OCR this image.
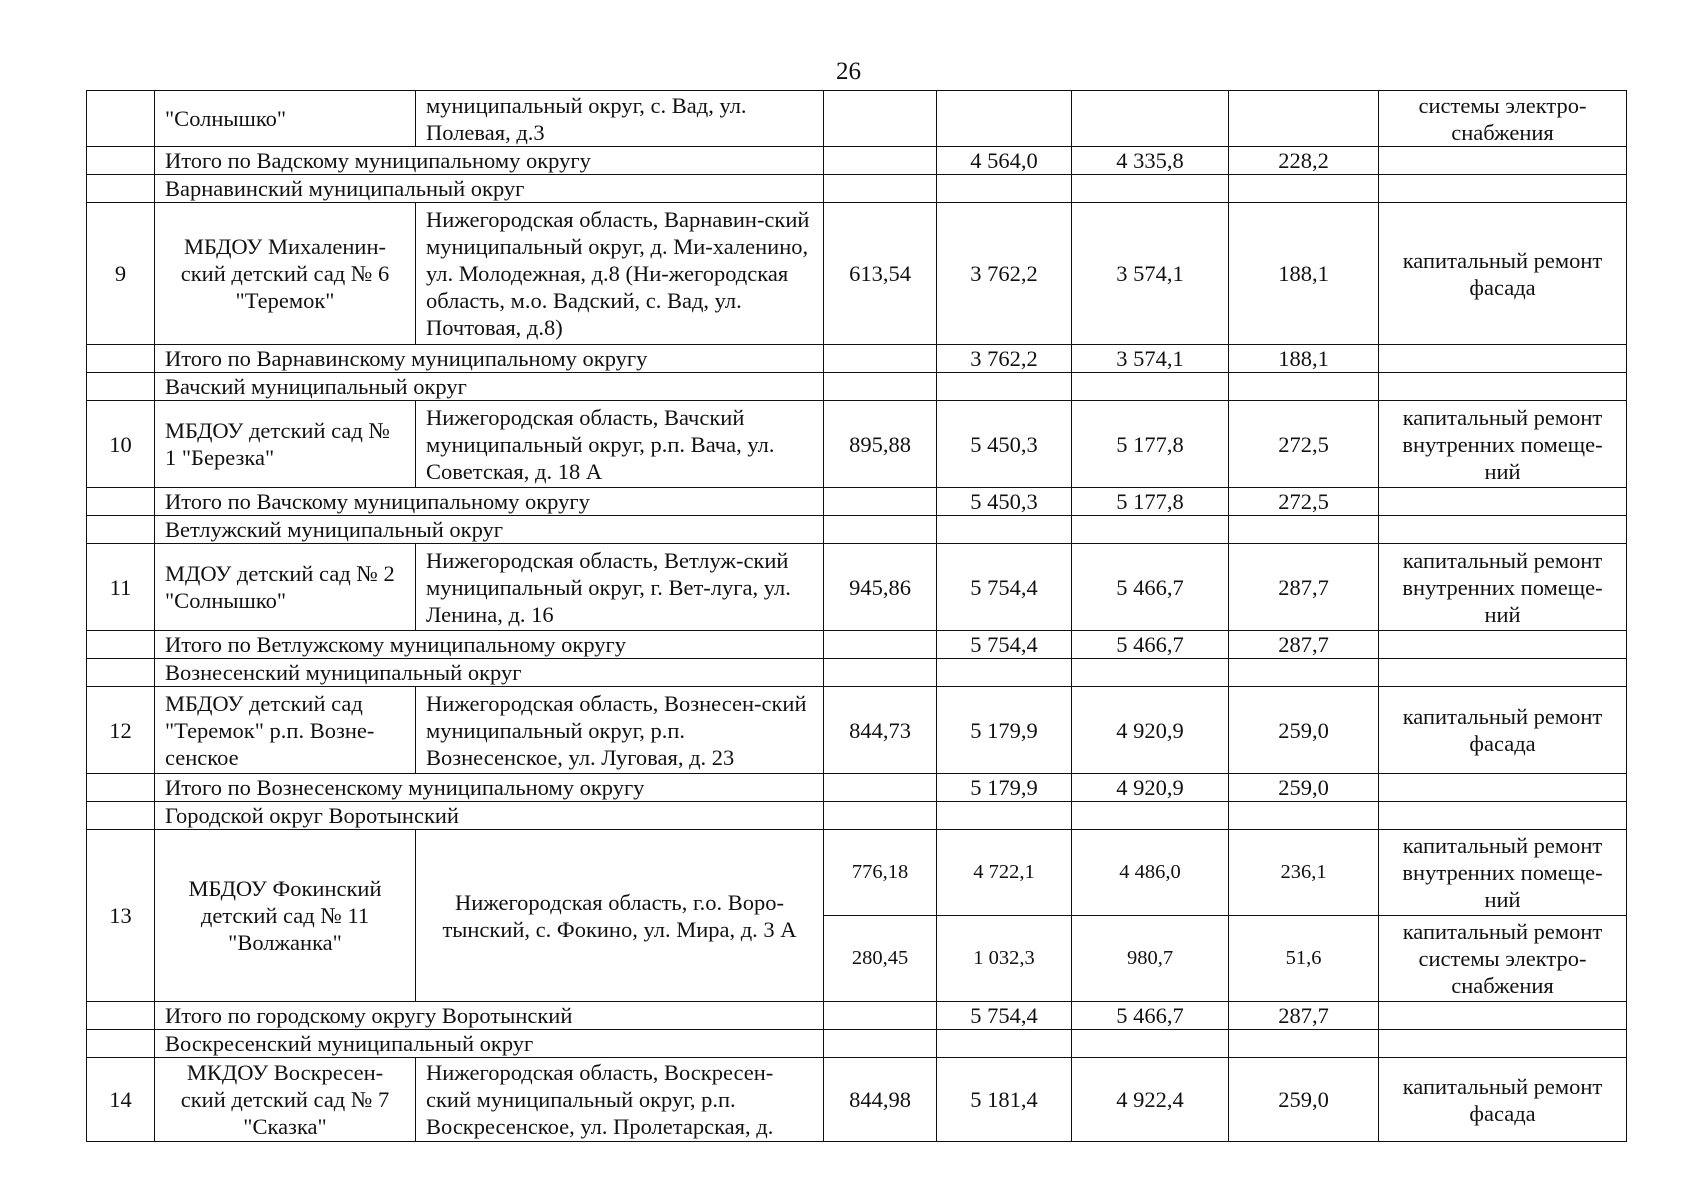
26
	"Солнышко"	муниципальный округ, с. Вад, ул. Полевая, д.3					системы электро-снабжения
	Итого по Вадскому муниципальному округу			4 564,0	4 335,8	228,2	
	Варнавинский муниципальный округ						
9	МБДОУ Михаленин-ский детский сад № 6 "Теремок"	Нижегородская область, Варнавин-ский муниципальный округ, д. Ми-халенино, ул. Молодежная, д.8 (Ни-жегородская область, м.о. Вадский, с. Вад, ул. Почтовая, д.8)	613,54	3 762,2	3 574,1	188,1	капитальный ремонт фасада
	Итого по Варнавинскому муниципальному округу			3 762,2	3 574,1	188,1	
	Вачский муниципальный округ						
10	МБДОУ детский сад № 1 "Березка"	Нижегородская область, Вачский муниципальный округ, р.п. Вача, ул. Советская, д. 18 А	895,88	5 450,3	5 177,8	272,5	капитальный ремонт внутренних помеще-ний
	Итого по Вачскому муниципальному округу			5 450,3	5 177,8	272,5	
	Ветлужский муниципальный округ						
11	МДОУ детский сад № 2 "Солнышко"	Нижегородская область, Ветлуж-ский муниципальный округ, г. Вет-луга, ул. Ленина, д. 16	945,86	5 754,4	5 466,7	287,7	капитальный ремонт внутренних помеще-ний
	Итого по Ветлужскому муниципальному округу			5 754,4	5 466,7	287,7	
	Вознесенский муниципальный округ						
12	МБДОУ детский сад "Теремок" р.п. Возне-сенское	Нижегородская область, Вознесен-ский муниципальный округ, р.п. Вознесенское, ул. Луговая, д. 23	844,73	5 179,9	4 920,9	259,0	капитальный ремонт фасада
	Итого по Вознесенскому муниципальному округу			5 179,9	4 920,9	259,0	
	Городской округ Воротынский						
13	МБДОУ Фокинский детский сад № 11 "Волжанка"	Нижегородская область, г.о. Воро-тынский, с. Фокино, ул. Мира, д. 3 А	776,18	4 722,1	4 486,0	236,1	капитальный ремонт внутренних помеще-ний
			280,45	1 032,3	980,7	51,6	капитальный ремонт системы электро-снабжения
	Итого по городскому округу Воротынский			5 754,4	5 466,7	287,7	
	Воскресенский муниципальный округ						
14	МКДОУ Воскресен-ский детский сад № 7 "Сказка"	Нижегородская область, Воскресен-ский муниципальный округ, р.п. Воскресенское, ул. Пролетарская, д.	844,98	5 181,4	4 922,4	259,0	капитальный ремонт фасада
